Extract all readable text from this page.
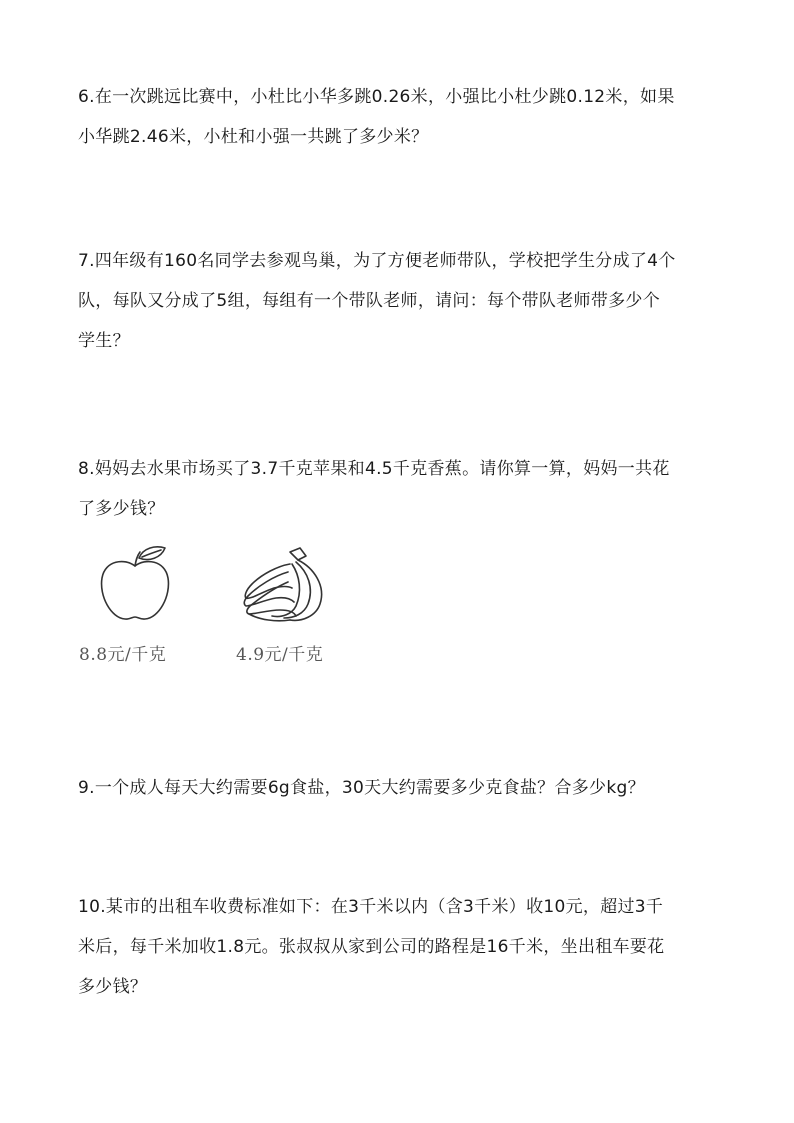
6.在一次跳远比赛中，小杜比小华多跳0.26米，小强比小杜少跳0.12米，如果
小华跳2.46米，小杜和小强一共跳了多少米？
7.四年级有160名同学去参观鸟巢，为了方便老师带队，学校把学生分成了4个
队，每队又分成了5组，每组有一个带队老师，请问：每个带队老师带多少个
学生？
8.妈妈去水果市场买了3.7千克苹果和4.5千克香蕉。请你算一算，妈妈一共花
了多少钱？
8.8元/千克	4.9元/千克
9.一个成人每天大约需要6g食盐，30天大约需要多少克食盐？合多少kg？
10.某市的出租车收费标准如下：在3千米以内（含3千米）收10元，超过3千
米后，每千米加收1.8元。张叔叔从家到公司的路程是16千米，坐出租车要花
多少钱？
